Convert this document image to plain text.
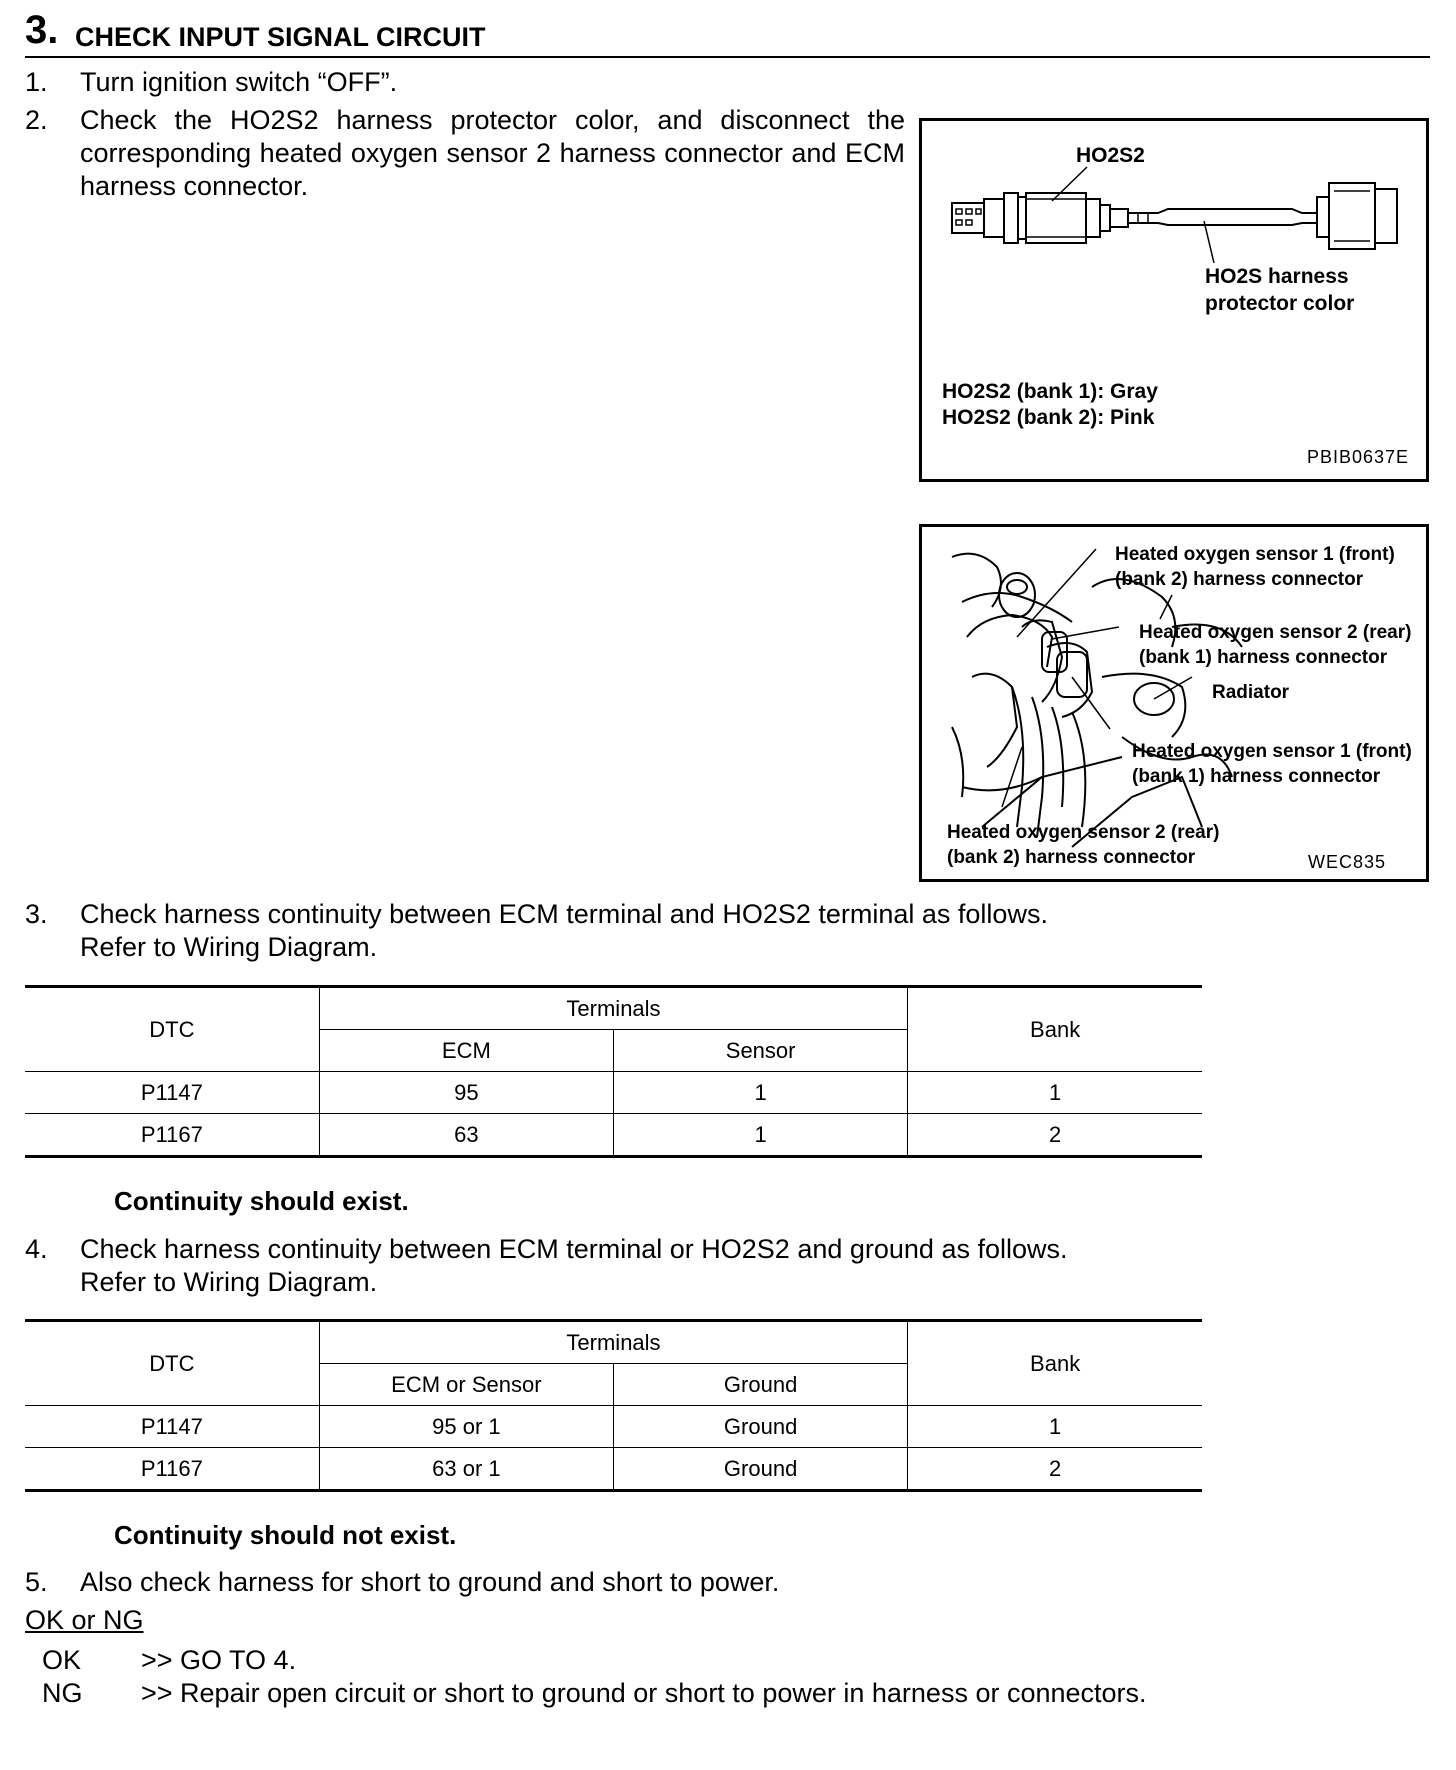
3. CHECK INPUT SIGNAL CIRCUIT
1. Turn ignition switch “OFF”.
2. Check the HO2S2 harness protector color, and disconnect the corresponding heated oxygen sensor 2 harness connector and ECM harness connector.
HO2S2
HO2S harness
protector color
HO2S2 (bank 1): Gray
HO2S2 (bank 2): Pink
PBIB0637E
Heated oxygen sensor 1 (front)
(bank 2) harness connector
Heated oxygen sensor 2 (rear)
(bank 1) harness connector
Radiator
Heated oxygen sensor 1 (front)
(bank 1) harness connector
Heated oxygen sensor 2 (rear)
(bank 2) harness connector	WEC835
3. Check harness continuity between ECM terminal and HO2S2 terminal as follows.
Refer to Wiring Diagram.
DTC	Terminals		Bank
	ECM	Sensor	
P1147	95	1	1
P1167	63	1	2
Continuity should exist.
4. Check harness continuity between ECM terminal or HO2S2 and ground as follows.
Refer to Wiring Diagram.
DTC	Terminals		Bank
	ECM or Sensor	Ground	
P1147	95 or 1	Ground	1
P1167	63 or 1	Ground	2
Continuity should not exist.
5. Also check harness for short to ground and short to power.
OK or NG
OK >> GO TO 4.
NG >> Repair open circuit or short to ground or short to power in harness or connectors.
